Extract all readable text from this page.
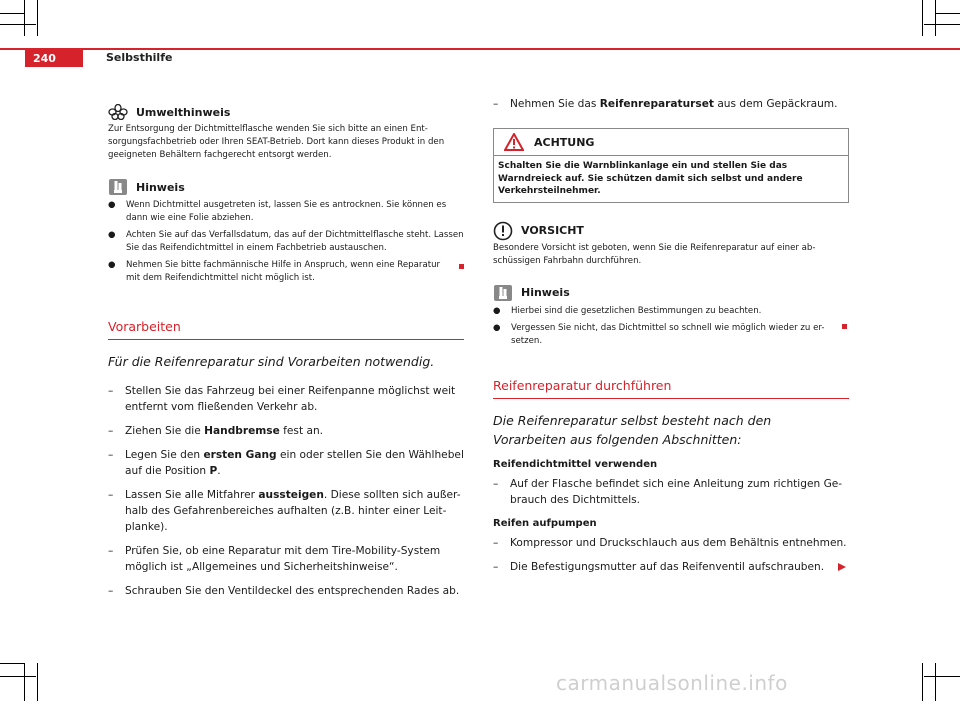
240	Selbsthilfe
Umwelthinweis
Zur Entsorgung der Dichtmittelflasche wenden Sie sich bitte an einen Ent-sorgungsfachbetrieb oder Ihren SEAT-Betrieb. Dort kann dieses Produkt in den geeigneten Behältern fachgerecht entsorgt werden.
Hinweis
● Wenn Dichtmittel ausgetreten ist, lassen Sie es antrocknen. Sie können es dann wie eine Folie abziehen.
● Achten Sie auf das Verfallsdatum, das auf der Dichtmittelflasche steht. Lassen Sie das Reifendichtmittel in einem Fachbetrieb austauschen.
● Nehmen Sie bitte fachmännische Hilfe in Anspruch, wenn eine Reparatur mit dem Reifendichtmittel nicht möglich ist.
Vorarbeiten
Für die Reifenreparatur sind Vorarbeiten notwendig.
–	Stellen Sie das Fahrzeug bei einer Reifenpanne möglichst weit entfernt vom fließenden Verkehr ab.
–	Ziehen Sie die Handbremse fest an.
–	Legen Sie den ersten Gang ein oder stellen Sie den Wählhebel auf die Position P.
–	Lassen Sie alle Mitfahrer aussteigen. Diese sollten sich außer-halb des Gefahrenbereiches aufhalten (z.B. hinter einer Leit-planke).
–	Prüfen Sie, ob eine Reparatur mit dem Tire-Mobility-System möglich ist „Allgemeines und Sicherheitshinweise“.
–	Schrauben Sie den Ventildeckel des entsprechenden Rades ab.
–	Nehmen Sie das Reifenreparaturset aus dem Gepäckraum.
ACHTUNG
Schalten Sie die Warnblinkanlage ein und stellen Sie das Warndreieck auf. Sie schützen damit sich selbst und andere Verkehrsteilnehmer.
VORSICHT
Besondere Vorsicht ist geboten, wenn Sie die Reifenreparatur auf einer ab-schüssigen Fahrbahn durchführen.
Hinweis
● Hierbei sind die gesetzlichen Bestimmungen zu beachten.
● Vergessen Sie nicht, das Dichtmittel so schnell wie möglich wieder zu er-setzen.
Reifenreparatur durchführen
Die Reifenreparatur selbst besteht nach den Vorarbeiten aus folgenden Abschnitten:
Reifendichtmittel verwenden
–	Auf der Flasche befindet sich eine Anleitung zum richtigen Ge-brauch des Dichtmittels.
Reifen aufpumpen
–	Kompressor und Druckschlauch aus dem Behältnis entnehmen.
–	Die Befestigungsmutter auf das Reifenventil aufschrauben.
carmanualsonline.info
